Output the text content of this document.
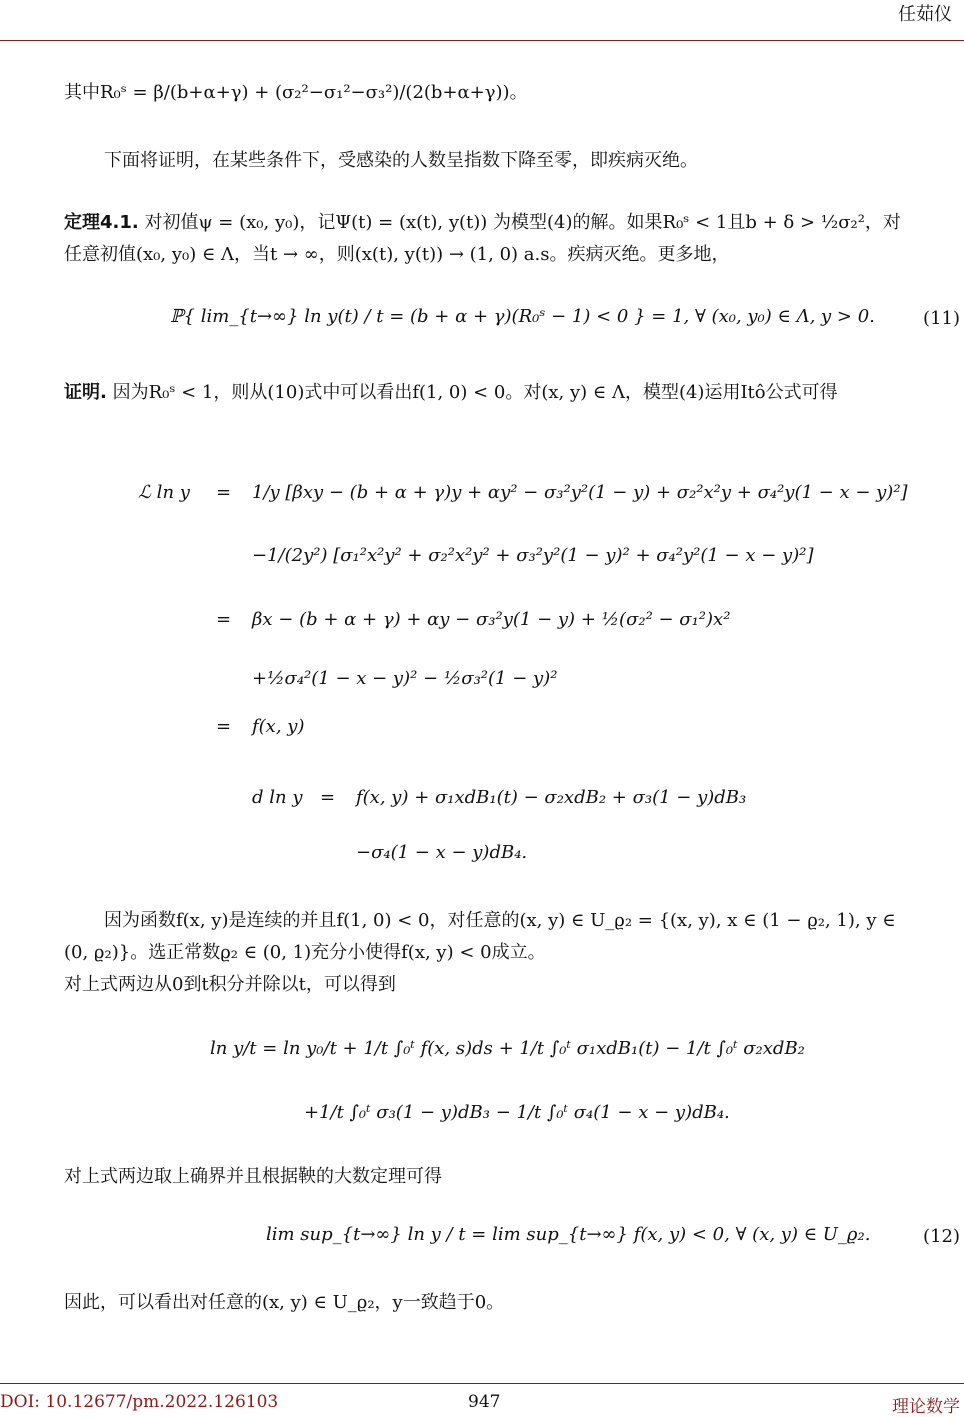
任茹仪
其中R₀ˢ = β/(b+α+γ) + (σ₂²−σ₁²−σ₃²)/(2(b+α+γ))。
下面将证明，在某些条件下，受感染的人数呈指数下降至零，即疾病灭绝。
定理4.1. 对初值ψ = (x₀, y₀)，记Ψ(t) = (x(t), y(t)) 为模型(4)的解。如果R₀ˢ < 1且b + δ > ½σ₂²，对
任意初值(x₀, y₀) ∈ Λ，当t → ∞，则(x(t), y(t)) → (1, 0) a.s。疾病灭绝。更多地，
ℙ{ lim_{t→∞} ln y(t) / t = (b + α + γ)(R₀ˢ − 1) < 0 } = 1, ∀ (x₀, y₀) ∈ Λ, y > 0.	(11)
证明. 因为R₀ˢ < 1，则从(10)式中可以看出f(1, 0) < 0。对(x, y) ∈ Λ，模型(4)运用Itô公式可得
ℒ ln y = 1/y [βxy − (b + α + γ)y + αy² − σ₃²y²(1 − y) + σ₂²x²y + σ₄²y(1 − x − y)²]
−1/(2y²) [σ₁²x²y² + σ₂²x²y² + σ₃²y²(1 − y)² + σ₄²y²(1 − x − y)²]
= βx − (b + α + γ) + αy − σ₃²y(1 − y) + ½(σ₂² − σ₁²)x²
+½σ₄²(1 − x − y)² − ½σ₃²(1 − y)²
= f(x, y)
d ln y = f(x, y) + σ₁xdB₁(t) − σ₂xdB₂ + σ₃(1 − y)dB₃
−σ₄(1 − x − y)dB₄.
因为函数f(x, y)是连续的并且f(1, 0) < 0，对任意的(x, y) ∈ U_ϱ₂ = {(x, y), x ∈ (1 − ϱ₂, 1), y ∈
(0, ϱ₂)}。选正常数ϱ₂ ∈ (0, 1)充分小使得f(x, y) < 0成立。
对上式两边从0到t积分并除以t，可以得到
ln y/t = ln y₀/t + 1/t ∫₀ᵗ f(x, s)ds + 1/t ∫₀ᵗ σ₁xdB₁(t) − 1/t ∫₀ᵗ σ₂xdB₂
+1/t ∫₀ᵗ σ₃(1 − y)dB₃ − 1/t ∫₀ᵗ σ₄(1 − x − y)dB₄.
对上式两边取上确界并且根据鞅的大数定理可得
lim sup_{t→∞} ln y / t = lim sup_{t→∞} f(x, y) < 0, ∀ (x, y) ∈ U_ϱ₂.	(12)
因此，可以看出对任意的(x, y) ∈ U_ϱ₂，y一致趋于0。
DOI: 10.12677/pm.2022.126103	947	理论数学
